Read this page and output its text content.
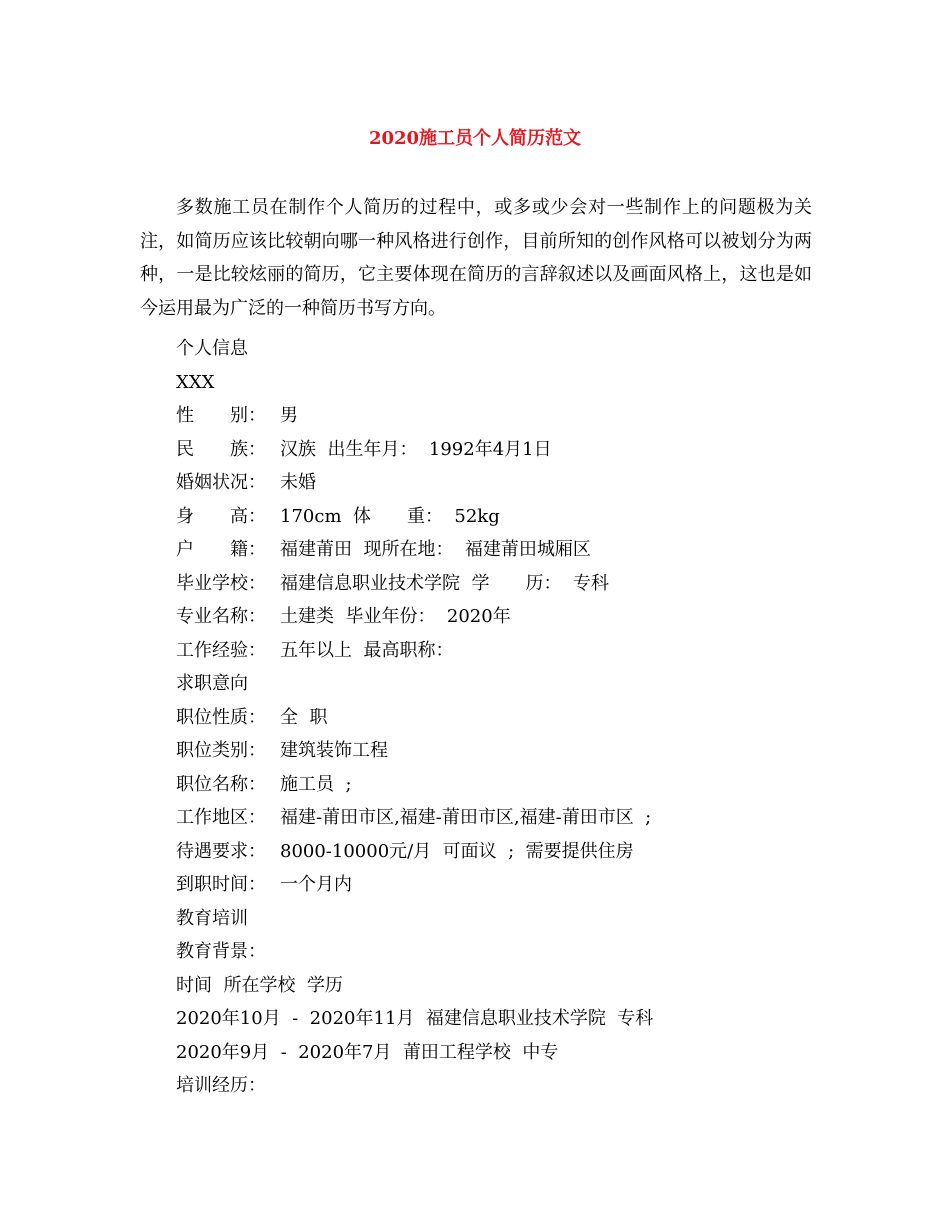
2020施工员个人简历范文

多数施工员在制作个人简历的过程中，或多或少会对一些制作上的问题极为关注，如简历应该比较朝向哪一种风格进行创作，目前所知的创作风格可以被划分为两种，一是比较炫丽的简历，它主要体现在简历的言辞叙述以及画面风格上，这也是如今运用最为广泛的一种简历书写方向。

个人信息
XXX
性　　别： 男
民　　族： 汉族  出生年月：  1992年4月1日
婚姻状况： 未婚
身　　高： 170cm  体　　重：  52kg
户　　籍： 福建莆田  现所在地：  福建莆田城厢区
毕业学校： 福建信息职业技术学院  学　　历：  专科
专业名称： 土建类  毕业年份：  2020年
工作经验： 五年以上  最高职称：
求职意向
职位性质： 全  职
职位类别： 建筑装饰工程
职位名称： 施工员  ;
工作地区： 福建-莆田市区,福建-莆田市区,福建-莆田市区  ;
待遇要求： 8000-10000元/月  可面议  ;  需要提供住房
到职时间： 一个月内
教育培训
教育背景：
时间  所在学校  学历
2020年10月  -  2020年11月  福建信息职业技术学院  专科
2020年9月  -  2020年7月  莆田工程学校  中专
培训经历：
